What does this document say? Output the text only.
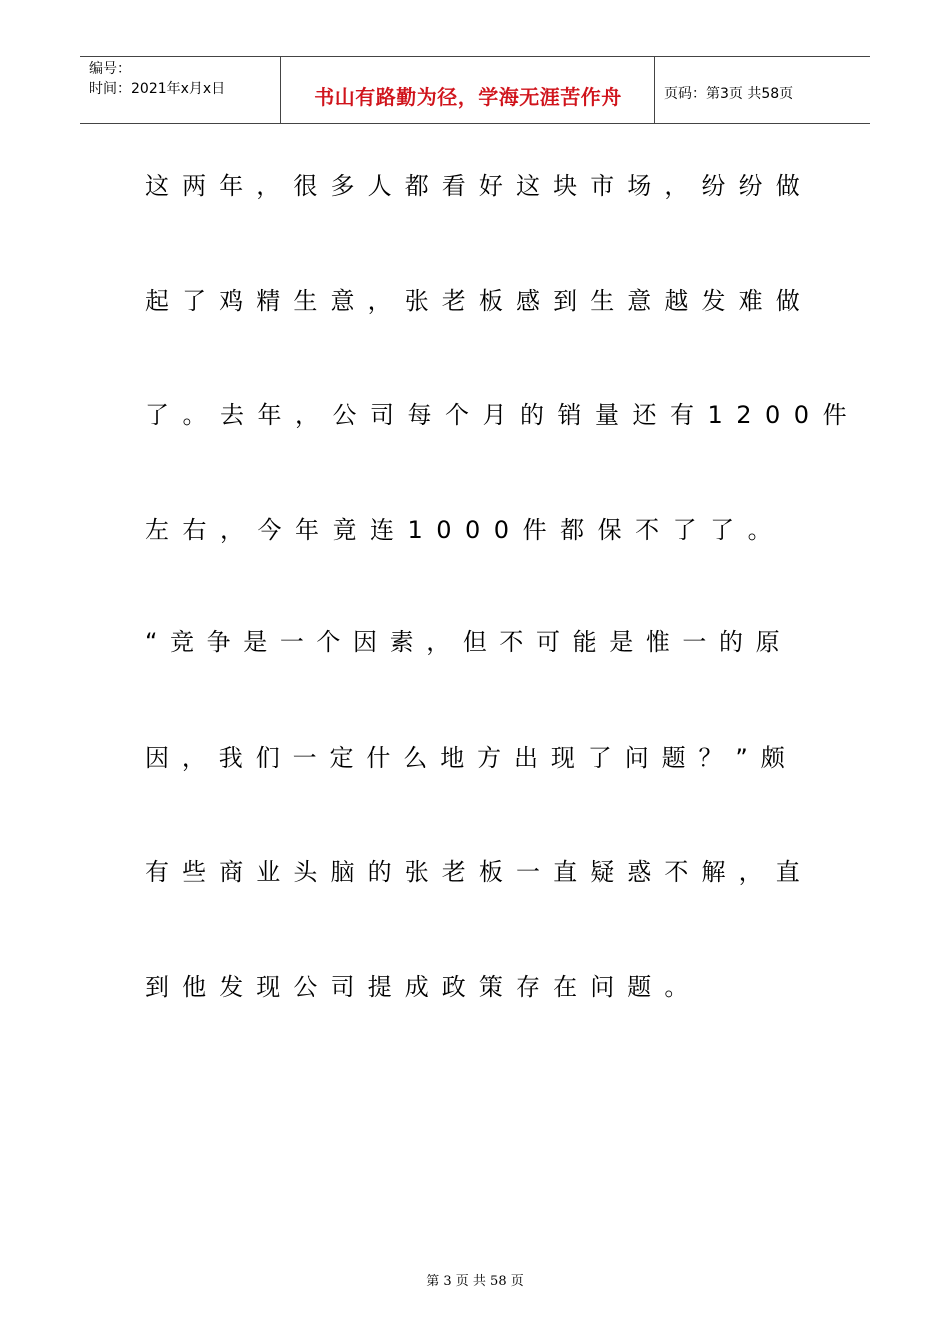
编号：
时间：2021年x月x日	书山有路勤为径，学海无涯苦作舟	页码：第3页 共58页
这两年，很多人都看好这块市场，纷纷做
起了鸡精生意，张老板感到生意越发难做
了。去年，公司每个月的销量还有1200件
左右，今年竟连1000件都保不了了。
“竞争是一个因素，但不可能是惟一的原
因，我们一定什么地方出现了问题？”颇
有些商业头脑的张老板一直疑惑不解，直
到他发现公司提成政策存在问题。
第 3 页 共 58 页
